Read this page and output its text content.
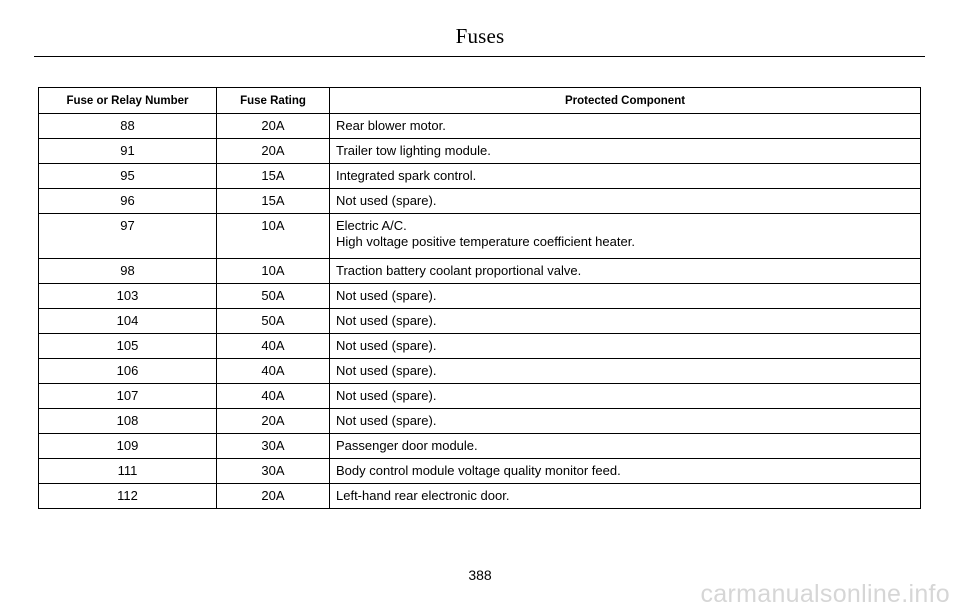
Fuses
Fuse or Relay Number	Fuse Rating	Protected Component
88	20A	Rear blower motor.

91	20A	Trailer tow lighting module.

95	15A	Integrated spark control.

96	15A	Not used (spare).

97	10A	Electric A/C.
High voltage positive temperature coefficient heater.

98	10A	Traction battery coolant proportional valve.

103	50A	Not used (spare).

104	50A	Not used (spare).

105	40A	Not used (spare).

106	40A	Not used (spare).

107	40A	Not used (spare).

108	20A	Not used (spare).

109	30A	Passenger door module.

111	30A	Body control module voltage quality monitor feed.

112	20A	Left-hand rear electronic door.
388
carmanualsonline.info
